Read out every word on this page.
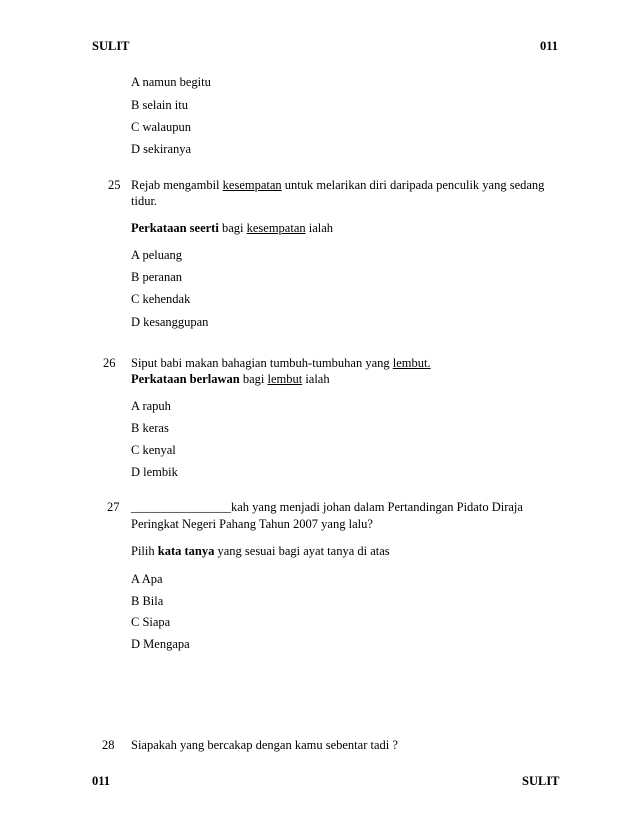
SULIT	011
A namun begitu
B selain itu
C walaupun
D sekiranya
25 Rejab mengambil kesempatan untuk melarikan diri daripada penculik yang sedang
tidur.
Perkataan seerti bagi kesempatan ialah
A peluang
B peranan
C kehendak
D kesanggupan
26 Siput babi makan bahagian tumbuh-tumbuhan yang lembut.
Perkataan berlawan bagi lembut ialah
A rapuh
B keras
C kenyal
D lembik
27 ________________kah yang menjadi johan dalam Pertandingan Pidato Diraja
Peringkat Negeri Pahang Tahun 2007 yang lalu?
Pilih kata tanya yang sesuai bagi ayat tanya di atas
A Apa
B Bila
C Siapa
D Mengapa
28 Siapakah yang bercakap dengan kamu sebentar tadi ?
011	SULIT
